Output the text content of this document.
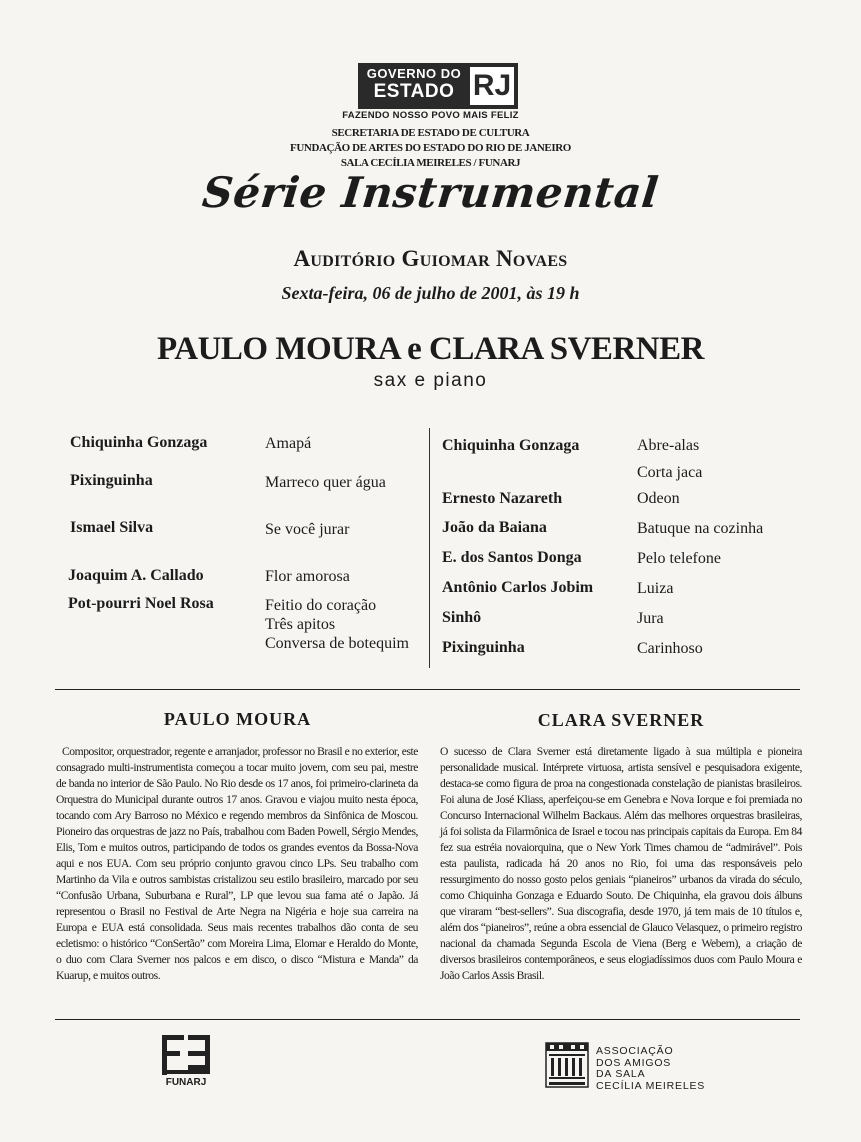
GOVERNO DO
ESTADO RJ
FAZENDO NOSSO POVO MAIS FELIZ
SECRETARIA DE ESTADO DE CULTURA
FUNDAÇÃO DE ARTES DO ESTADO DO RIO DE JANEIRO
SALA CECÍLIA MEIRELES / FUNARJ
Série Instrumental
Auditório Guiomar Novaes
Sexta-feira, 06 de julho de 2001, às 19 h
PAULO MOURA e CLARA SVERNER
sax e piano
Chiquinha Gonzaga	Amapá
Pixinguinha	Marreco quer água
Ismael Silva	Se você jurar
Joaquim A. Callado	Flor amorosa
Pot-pourri Noel Rosa	Feitio do coração
Três apitos
Conversa de botequim
Chiquinha Gonzaga	Abre-alas
Corta jaca
Ernesto Nazareth	Odeon
João da Baiana	Batuque na cozinha
E. dos Santos Donga	Pelo telefone
Antônio Carlos Jobim	Luiza
Sinhô	Jura
Pixinguinha	Carinhoso
PAULO MOURA
Compositor, orquestrador, regente e arranjador, professor no Brasil e no exterior, este consagrado multi-instrumentista começou a tocar muito jovem, com seu pai, mestre de banda no interior de São Paulo. No Rio desde os 17 anos, foi primeiro-clarineta da Orquestra do Municipal durante outros 17 anos. Gravou e viajou muito nesta época, tocando com Ary Barroso no México e regendo membros da Sinfônica de Moscou. Pioneiro das orquestras de jazz no País, trabalhou com Baden Powell, Sérgio Mendes, Elis, Tom e muitos outros, participando de todos os grandes eventos da Bossa-Nova aqui e nos EUA. Com seu próprio conjunto gravou cinco LPs. Seu trabalho com Martinho da Vila e outros sambistas cristalizou seu estilo brasileiro, marcado por seu “Confusão Urbana, Suburbana e Rural”, LP que levou sua fama até o Japão. Já representou o Brasil no Festival de Arte Negra na Nigéria e hoje sua carreira na Europa e EUA está consolidada. Seus mais recentes trabalhos dão conta de seu ecletismo: o histórico “ConSertão” com Moreira Lima, Elomar e Heraldo do Monte, o duo com Clara Sverner nos palcos e em disco, o disco “Mistura e Manda” da Kuarup, e muitos outros.
CLARA SVERNER
O sucesso de Clara Sverner está diretamente ligado à sua múltipla e pioneira personalidade musical. Intérprete virtuosa, artista sensível e pesquisadora exigente, destaca-se como figura de proa na congestionada constelação de pianistas brasileiros. Foi aluna de José Kliass, aperfeiçou-se em Genebra e Nova Iorque e foi premiada no Concurso Internacional Wilhelm Backaus. Além das melhores orquestras brasileiras, já foi solista da Filarmônica de Israel e tocou nas principais capitais da Europa. Em 84 fez sua estréia novaiorquina, que o New York Times chamou de “admirável”. Pois esta paulista, radicada há 20 anos no Rio, foi uma das responsáveis pelo ressurgimento do nosso gosto pelos geniais “pianeiros” urbanos da virada do século, como Chiquinha Gonzaga e Eduardo Souto. De Chiquinha, ela gravou dois álbuns que viraram “best-sellers”. Sua discografia, desde 1970, já tem mais de 10 títulos e, além dos “pianeiros”, reúne a obra essencial de Glauco Velasquez, o primeiro registro nacional da chamada Segunda Escola de Viena (Berg e Webern), a criação de diversos brasileiros contemporâneos, e seus elogiadíssimos duos com Paulo Moura e João Carlos Assis Brasil.
FUNARJ
ASSOCIAÇÃO
DOS AMIGOS
DA SALA
CECÍLIA MEIRELES
